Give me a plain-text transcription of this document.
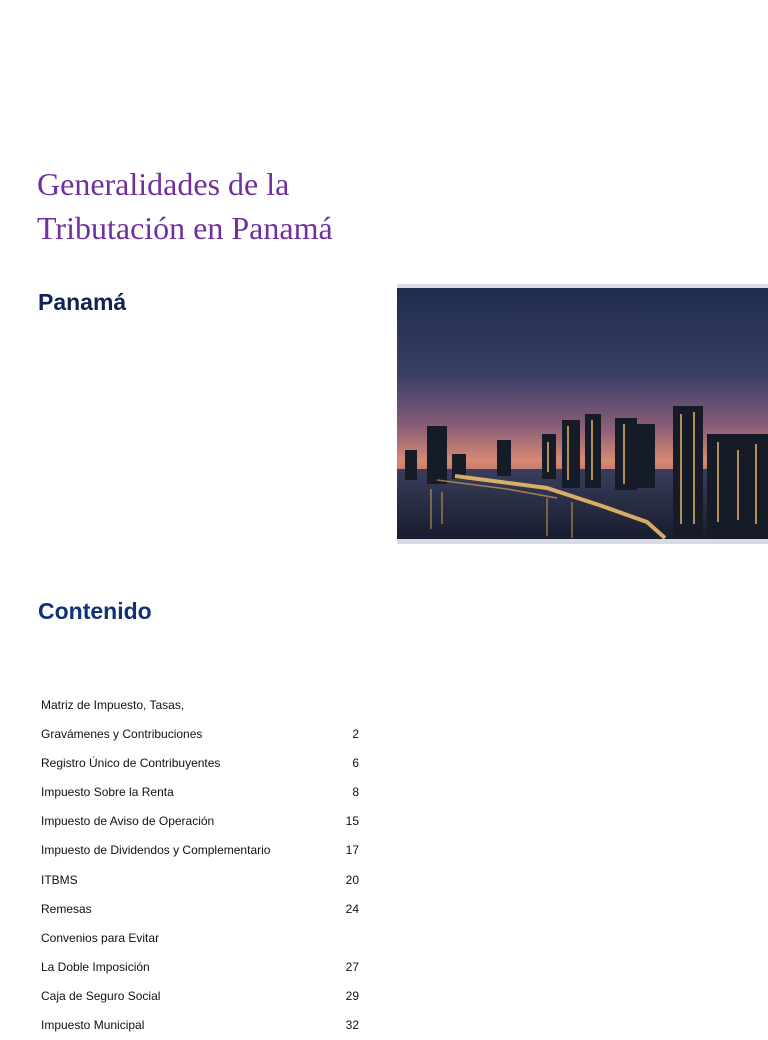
Generalidades de la
Tributación en Panamá
Panamá
Contenido
Matriz de Impuesto, Tasas,
Gravámenes y Contribuciones	2
Registro Único de Contribuyentes	6
Impuesto Sobre la Renta	8
Impuesto de Aviso de Operación	15
Impuesto de Dividendos y Complementario	17
ITBMS	20
Remesas	24
Convenios para Evitar
La Doble Imposición	27
Caja de Seguro Social	29
Impuesto Municipal	32
